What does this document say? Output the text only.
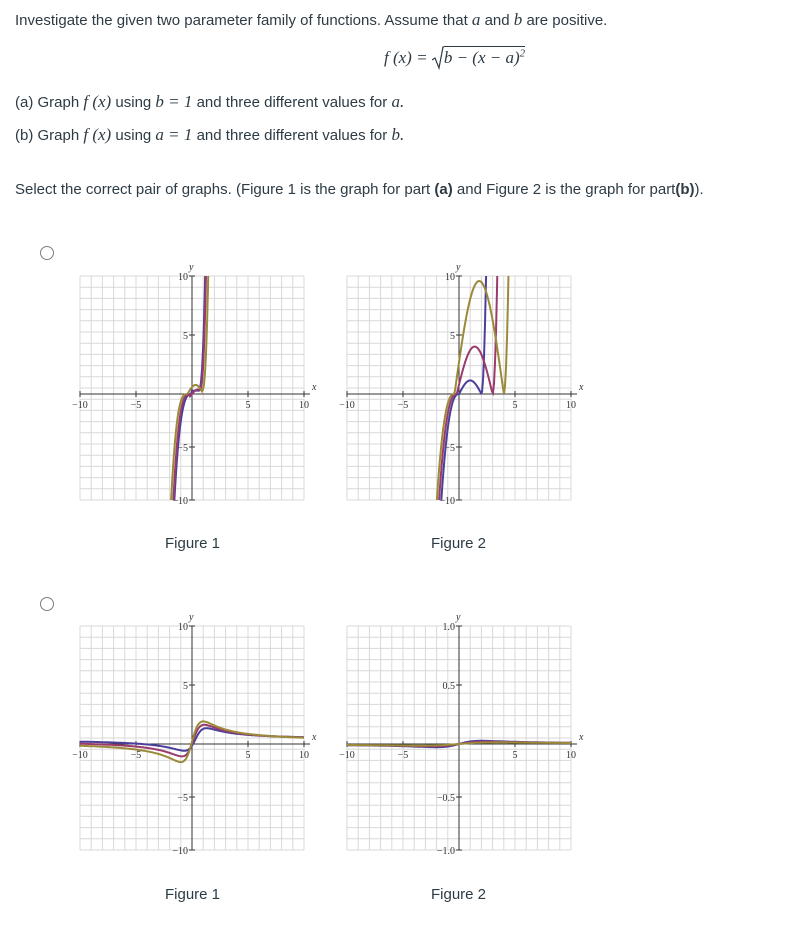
Investigate the given two parameter family of functions. Assume that a and b are positive.
f $(x) = b - (x - a)^2$
(a) Graph f (x) using b = 1 and three different values for a.
(b) Graph f (x) using a = 1 and three different values for b.
Select the correct pair of graphs. (Figure 1 is the graph for part (a) and Figure 2 is the graph for part(b)).
x
y
−10	−5	5	10
10
5
−5
−10
x
y
−10	−5	5	10
10
5
−5
−10
Figure 1	Figure 2
x
y
−10	−5	5	10
10
5
−5
−10
x
y
−10	−5	5	10
1.0
0.5
−0.5
−1.0
Figure 1	Figure 2
